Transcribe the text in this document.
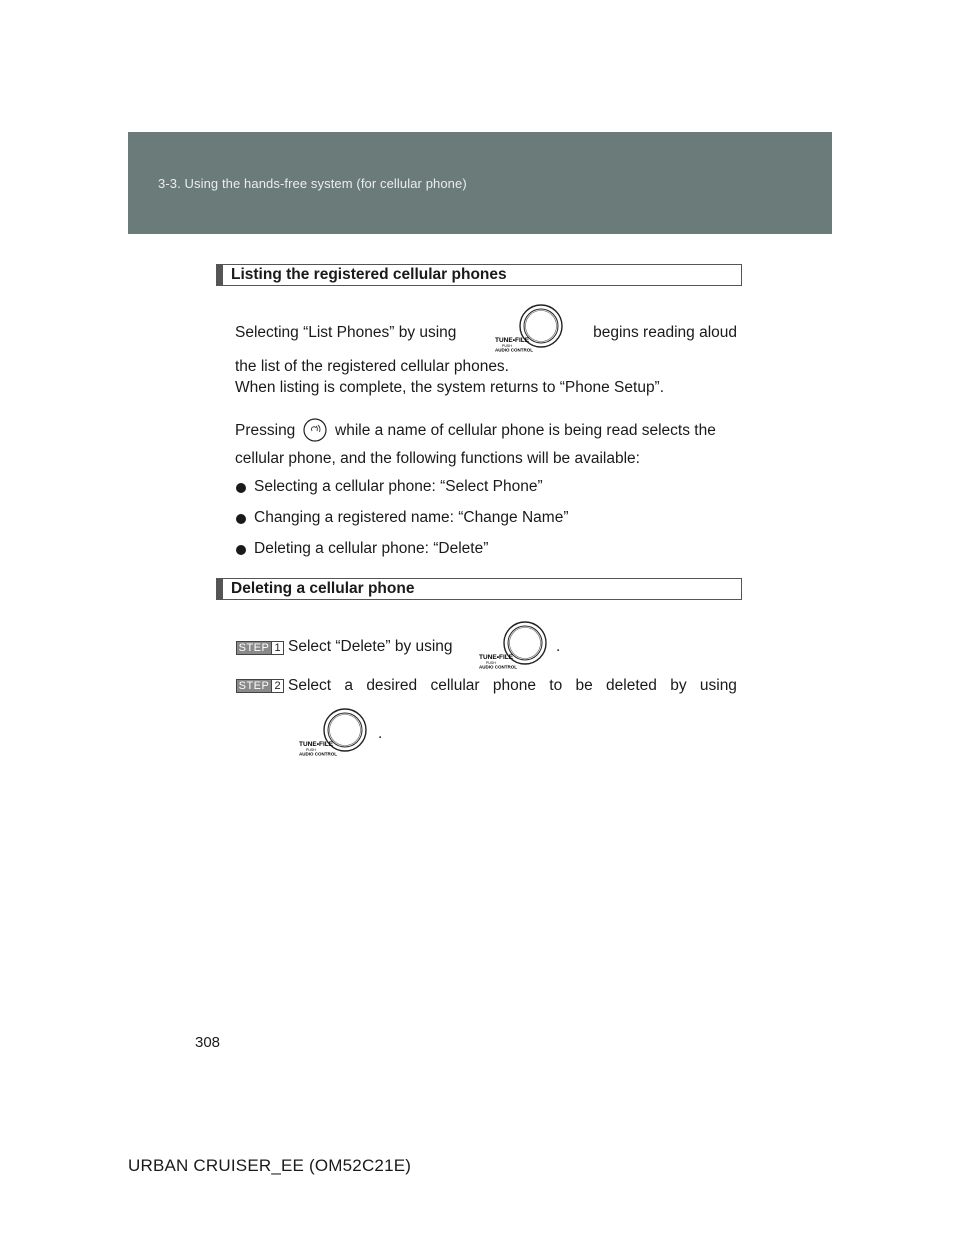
3-3. Using the hands-free system (for cellular phone)
Listing the registered cellular phones
Selecting “List Phones” by using	begins reading aloud
TUNE•FILE
PUSH
AUDIO CONTROL
the list of the registered cellular phones.
When listing is complete, the system returns to “Phone Setup”.
Pressing	while a name of cellular phone is being read selects the
cellular phone, and the following functions will be available:
Selecting a cellular phone: “Select Phone”
Changing a registered name: “Change Name”
Deleting a cellular phone: “Delete”
Deleting a cellular phone
STEP 1 Select “Delete” by using
TUNE•FILE
PUSH
AUDIO CONTROL
.
STEP 2 Select a desired cellular phone to be deleted by using
TUNE•FILE
PUSH
AUDIO CONTROL
.
308
URBAN CRUISER_EE (OM52C21E)
